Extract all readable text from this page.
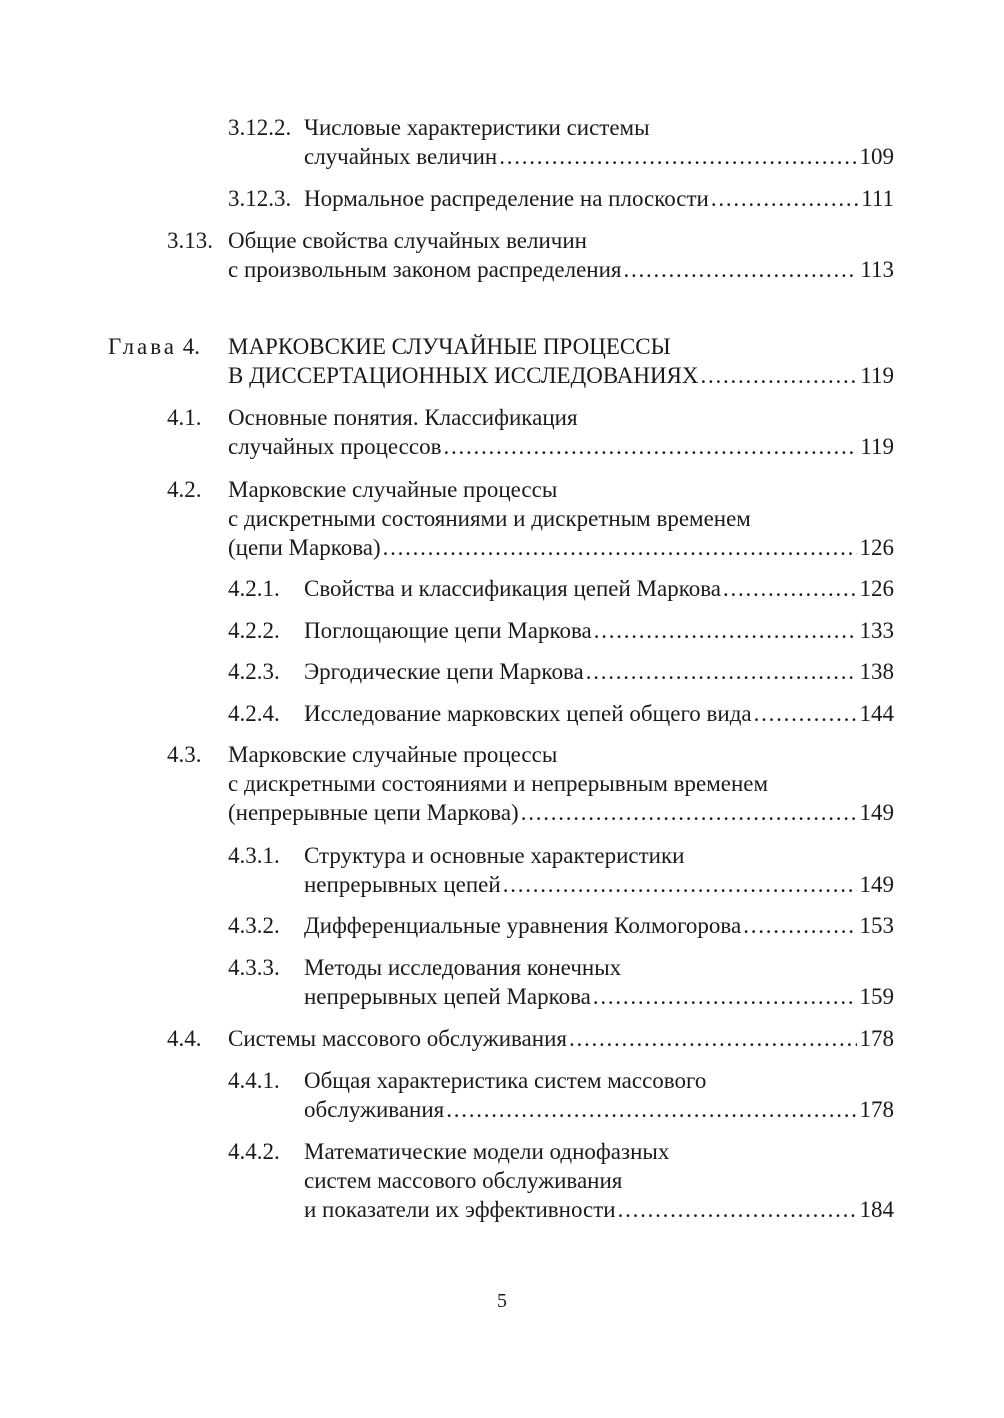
3.12.2. Числовые характеристики системы
случайных величин . . .	109
3.12.3. Нормальное распределение на плоскости . . .	111
3.13. Общие свойства случайных величин
с произвольным законом распределения . . .	113
Глава 4. МАРКОВСКИЕ СЛУЧАЙНЫЕ ПРОЦЕССЫ
В ДИССЕРТАЦИОННЫХ ИССЛЕДОВАНИЯХ . . .	119
4.1. Основные понятия. Классификация
случайных процессов . . .	119
4.2. Марковские случайные процессы
с дискретными состояниями и дискретным временем
(цепи Маркова) . . .	126
4.2.1. Свойства и классификация цепей Маркова . . .	126
4.2.2. Поглощающие цепи Маркова . . .	133
4.2.3. Эргодические цепи Маркова . . .	138
4.2.4. Исследование марковских цепей общего вида . . .	144
4.3. Марковские случайные процессы
с дискретными состояниями и непрерывным временем
(непрерывные цепи Маркова) . . .	149
4.3.1. Структура и основные характеристики
непрерывных цепей . . .	149
4.3.2. Дифференциальные уравнения Колмогорова . . .	153
4.3.3. Методы исследования конечных
непрерывных цепей Маркова . . .	159
4.4. Системы массового обслуживания . . .	178
4.4.1. Общая характеристика систем массового
обслуживания . . .	178
4.4.2. Математические модели однофазных
систем массового обслуживания
и показатели их эффективности . . .	184
5
